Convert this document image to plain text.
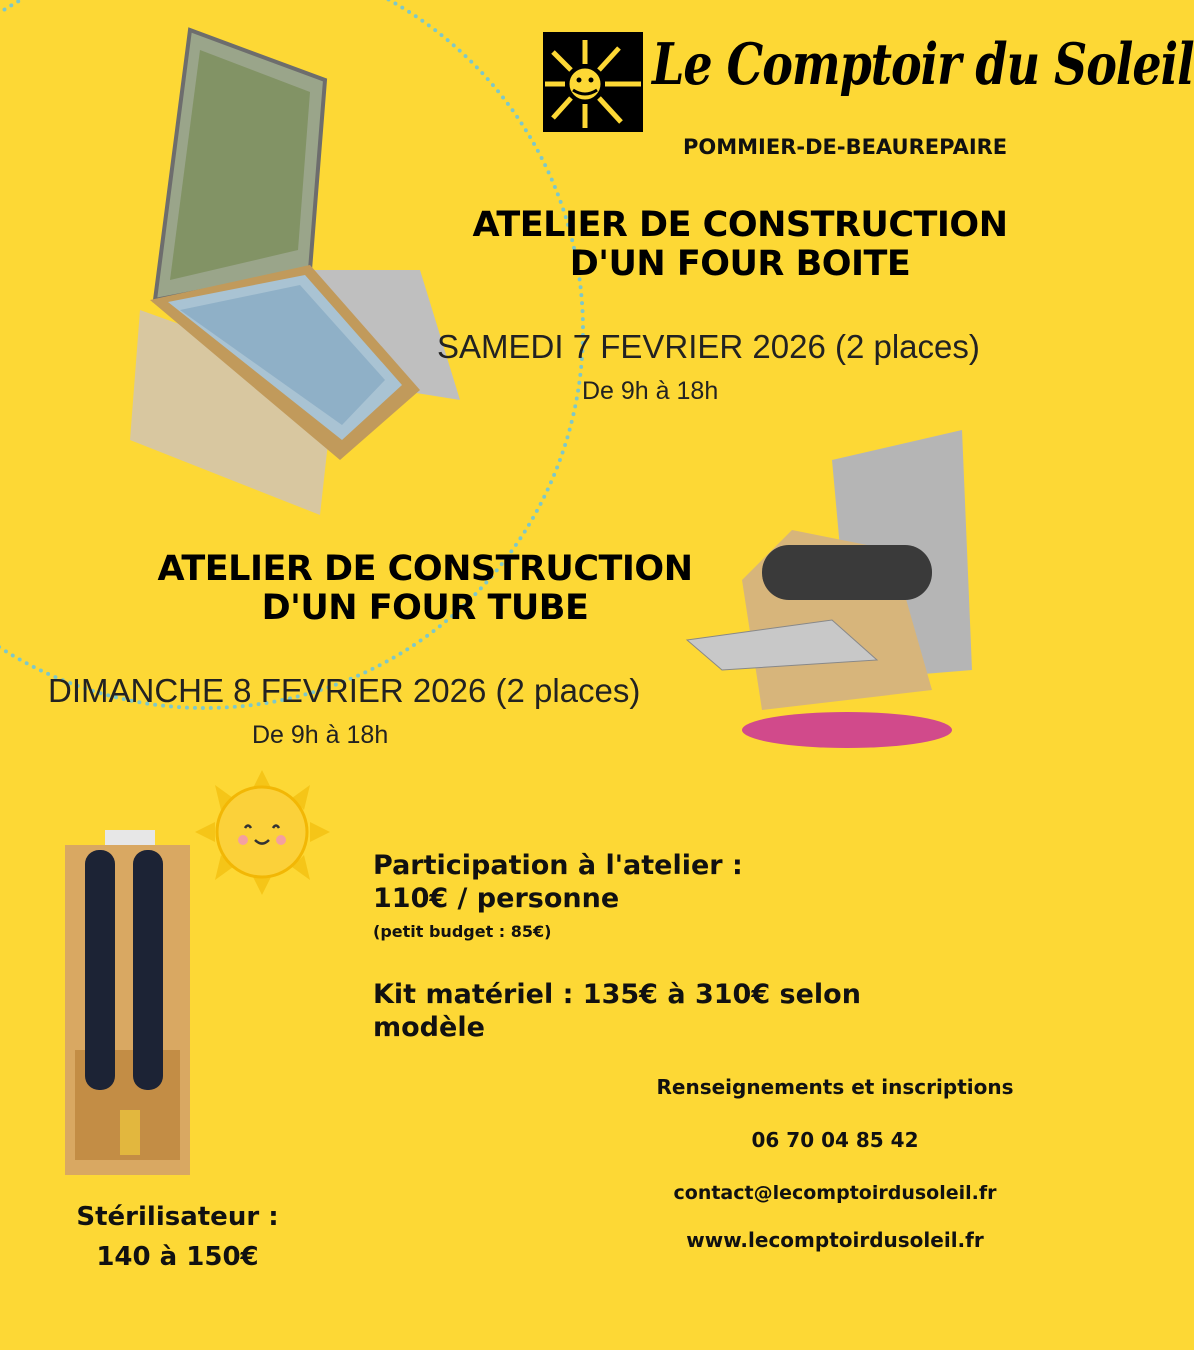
Le Comptoir du Soleil
POMMIER-DE-BEAUREPAIRE
ATELIER DE CONSTRUCTION
D'UN FOUR BOITE
SAMEDI 7 FEVRIER 2026 (2 places)
De 9h à 18h
ATELIER DE CONSTRUCTION
D'UN FOUR TUBE
DIMANCHE 8 FEVRIER 2026 (2 places)
De 9h à 18h
Participation à l'atelier :
110€ / personne
(petit budget : 85€)
Kit matériel : 135€ à 310€ selon
modèle
Stérilisateur :
140 à 150€
Renseignements et inscriptions
06 70 04 85 42
contact@lecomptoirdusoleil.fr
www.lecomptoirdusoleil.fr
